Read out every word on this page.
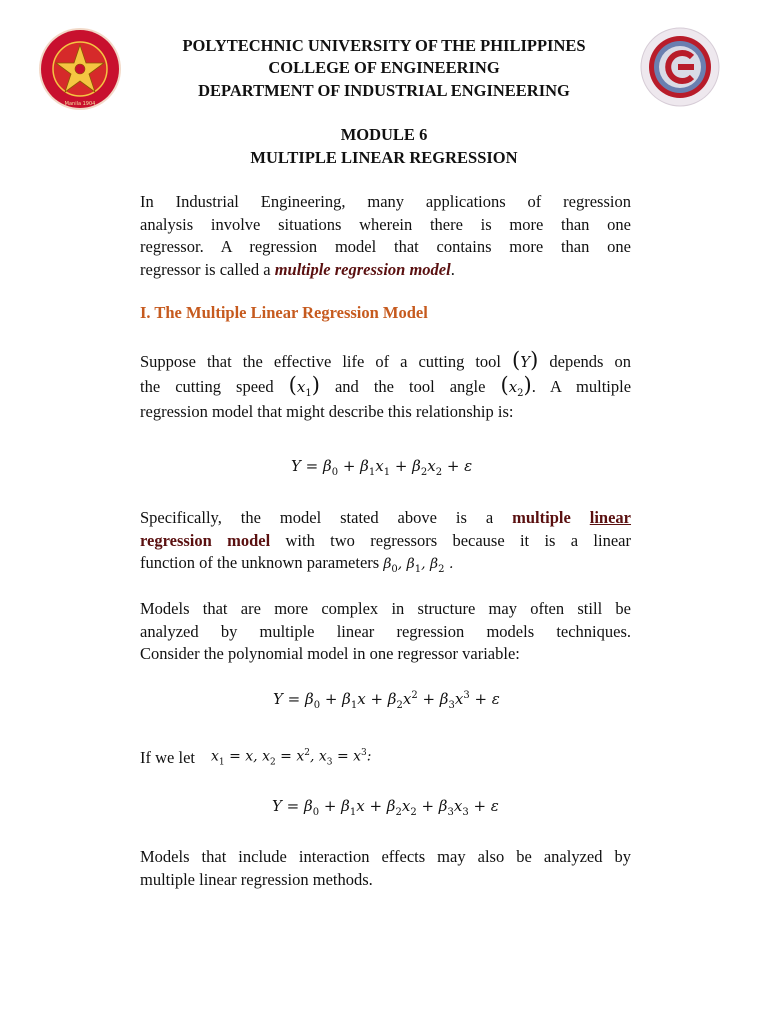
Manila 1904
POLYTECHNIC UNIVERSITY OF THE PHILIPPINES
COLLEGE OF ENGINEERING
DEPARTMENT OF INDUSTRIAL ENGINEERING
MODULE 6
MULTIPLE LINEAR REGRESSION
In Industrial Engineering, many applications of regression
analysis involve situations wherein there is more than one
regressor. A regression model that contains more than one
regressor is called a multiple regression model.
I. The Multiple Linear Regression Model
Suppose that the effective life of a cutting tool (Y) depends on
the cutting speed $(x_1)$ and the tool angle $(x_2)$. A multiple
regression model that might describe this relationship is:
$Y = \beta_0 + \beta_1x_1 + \beta_2x_2 + \varepsilon$
Specifically, the model stated above is a multiple linear
regression model with two regressors because it is a linear
function of the unknown parameters $\beta_0$, $\beta_1$, $\beta_2$ .
Models that are more complex in structure may often still be
analyzed by multiple linear regression models techniques.
Consider the polynomial model in one regressor variable:
$Y = \beta_0 + \beta_1x + \beta_2x^2 + \beta_3x^3 + \varepsilon$
If we let $x_1 = x$, $x_2 = x^2$, $x_3 = x^3$:
$Y = \beta_0 + \beta_1x + \beta_2x_2 + \beta_3x_3 + \varepsilon$
Models that include interaction effects may also be analyzed by
multiple linear regression methods.
